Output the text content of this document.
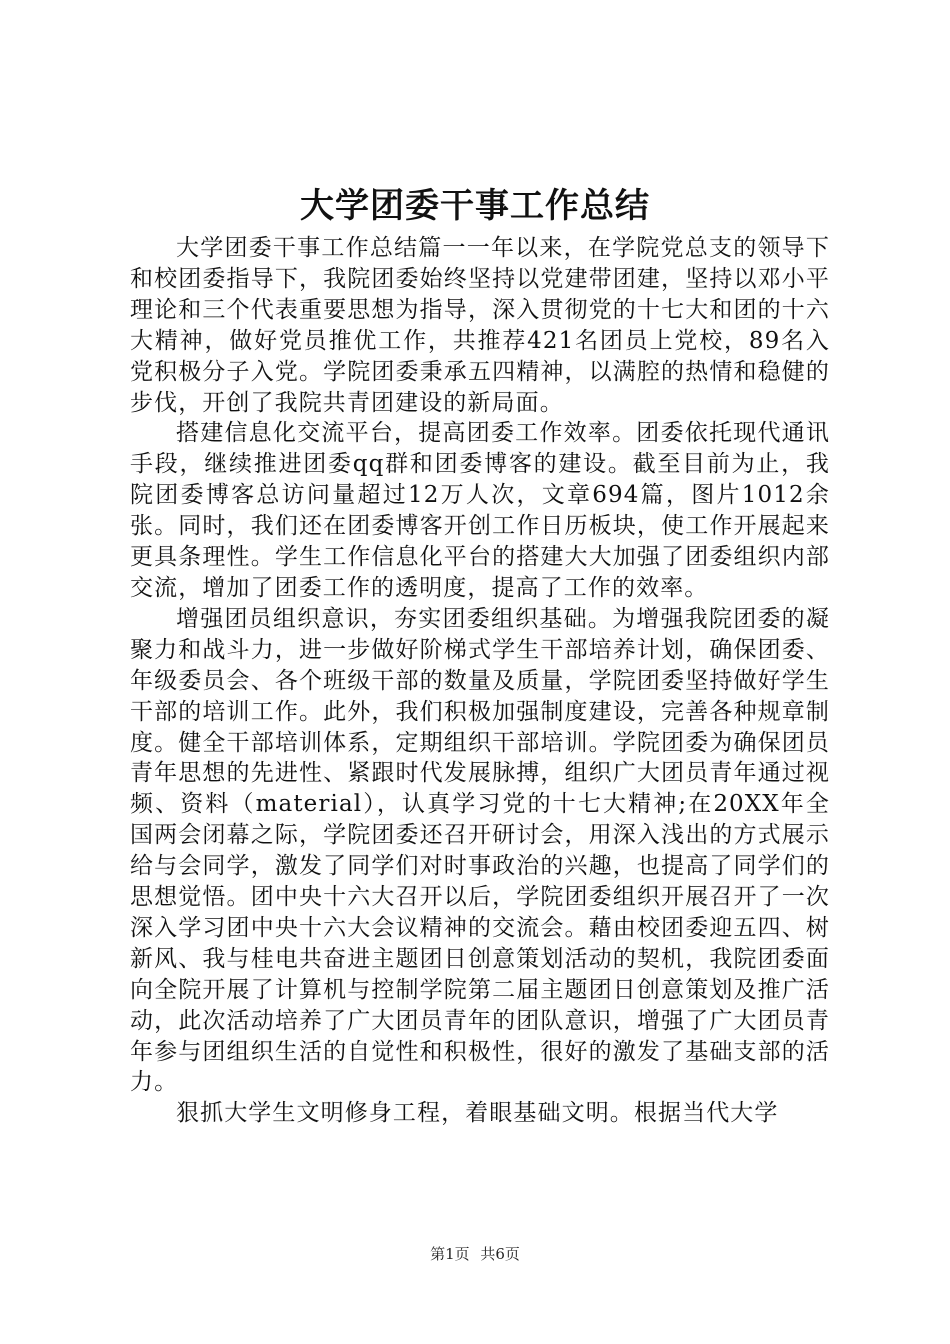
大学团委干事工作总结

大学团委干事工作总结篇一一年以来，在学院党总支的领导下和校团委指导下，我院团委始终坚持以党建带团建，坚持以邓小平理论和三个代表重要思想为指导，深入贯彻党的十七大和团的十六大精神，做好党员推优工作，共推荐421名团员上党校，89名入党积极分子入党。学院团委秉承五四精神，以满腔的热情和稳健的步伐，开创了我院共青团建设的新局面。

搭建信息化交流平台，提高团委工作效率。团委依托现代通讯手段，继续推进团委qq群和团委博客的建设。截至目前为止，我院团委博客总访问量超过12万人次，文章694篇，图片1012余张。同时，我们还在团委博客开创工作日历板块，使工作开展起来更具条理性。学生工作信息化平台的搭建大大加强了团委组织内部交流，增加了团委工作的透明度，提高了工作的效率。

增强团员组织意识，夯实团委组织基础。为增强我院团委的凝聚力和战斗力，进一步做好阶梯式学生干部培养计划，确保团委、年级委员会、各个班级干部的数量及质量，学院团委坚持做好学生干部的培训工作。此外，我们积极加强制度建设，完善各种规章制度。健全干部培训体系，定期组织干部培训。学院团委为确保团员青年思想的先进性、紧跟时代发展脉搏，组织广大团员青年通过视频、资料（material），认真学习党的十七大精神;在20XX年全国两会闭幕之际，学院团委还召开研讨会，用深入浅出的方式展示给与会同学，激发了同学们对时事政治的兴趣，也提高了同学们的思想觉悟。团中央十六大召开以后，学院团委组织开展召开了一次深入学习团中央十六大会议精神的交流会。藉由校团委迎五四、树新风、我与桂电共奋进主题团日创意策划活动的契机，我院团委面向全院开展了计算机与控制学院第二届主题团日创意策划及推广活动，此次活动培养了广大团员青年的团队意识，增强了广大团员青年参与团组织生活的自觉性和积极性，很好的激发了基础支部的活力。

狠抓大学生文明修身工程，着眼基础文明。根据当代大学

第1页 共6页
